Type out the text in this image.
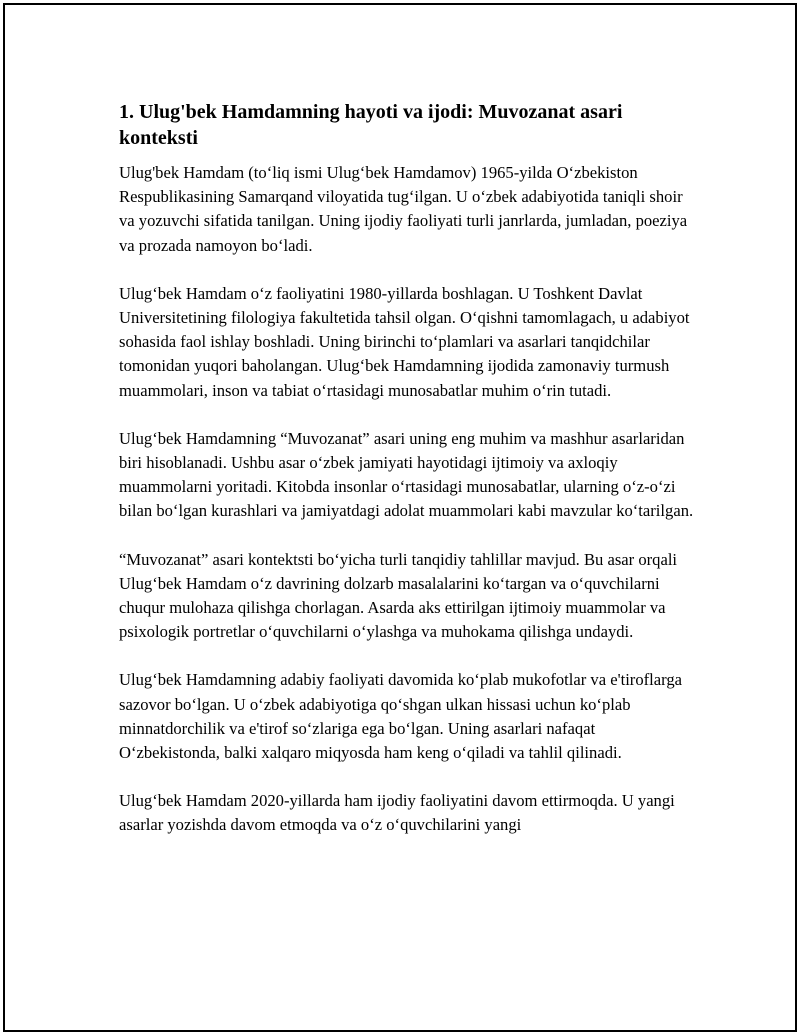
1. Ulug'bek Hamdamning hayoti va ijodi: Muvozanat asari konteksti

Ulug'bek Hamdam (to‘liq ismi Ulug‘bek Hamdamov) 1965-yilda O‘zbekiston Respublikasining Samarqand viloyatida tug‘ilgan. U o‘zbek adabiyotida taniqli shoir va yozuvchi sifatida tanilgan. Uning ijodiy faoliyati turli janrlarda, jumladan, poeziya va prozada namoyon bo‘ladi.

Ulug‘bek Hamdam o‘z faoliyatini 1980-yillarda boshlagan. U Toshkent Davlat Universitetining filologiya fakultetida tahsil olgan. O‘qishni tamomlagach, u adabiyot sohasida faol ishlay boshladi. Uning birinchi to‘plamlari va asarlari tanqidchilar tomonidan yuqori baholangan. Ulug‘bek Hamdamning ijodida zamonaviy turmush muammolari, inson va tabiat o‘rtasidagi munosabatlar muhim o‘rin tutadi.

Ulug‘bek Hamdamning “Muvozanat” asari uning eng muhim va mashhur asarlaridan biri hisoblanadi. Ushbu asar o‘zbek jamiyati hayotidagi ijtimoiy va axloqiy muammolarni yoritadi. Kitobda insonlar o‘rtasidagi munosabatlar, ularning o‘z-o‘zi bilan bo‘lgan kurashlari va jamiyatdagi adolat muammolari kabi mavzular ko‘tarilgan.

“Muvozanat” asari kontektsti bo‘yicha turli tanqidiy tahlillar mavjud. Bu asar orqali Ulug‘bek Hamdam o‘z davrining dolzarb masalalarini ko‘targan va o‘quvchilarni chuqur mulohaza qilishga chorlagan. Asarda aks ettirilgan ijtimoiy muammolar va psixologik portretlar o‘quvchilarni o‘ylashga va muhokama qilishga undaydi.

Ulug‘bek Hamdamning adabiy faoliyati davomida ko‘plab mukofotlar va e'tiroflarga sazovor bo‘lgan. U o‘zbek adabiyotiga qo‘shgan ulkan hissasi uchun ko‘plab minnatdorchilik va e'tirof so‘zlariga ega bo‘lgan. Uning asarlari nafaqat O‘zbekistonda, balki xalqaro miqyosda ham keng o‘qiladi va tahlil qilinadi.

Ulug‘bek Hamdam 2020-yillarda ham ijodiy faoliyatini davom ettirmoqda. U yangi asarlar yozishda davom etmoqda va o‘z o‘quvchilarini yangi
